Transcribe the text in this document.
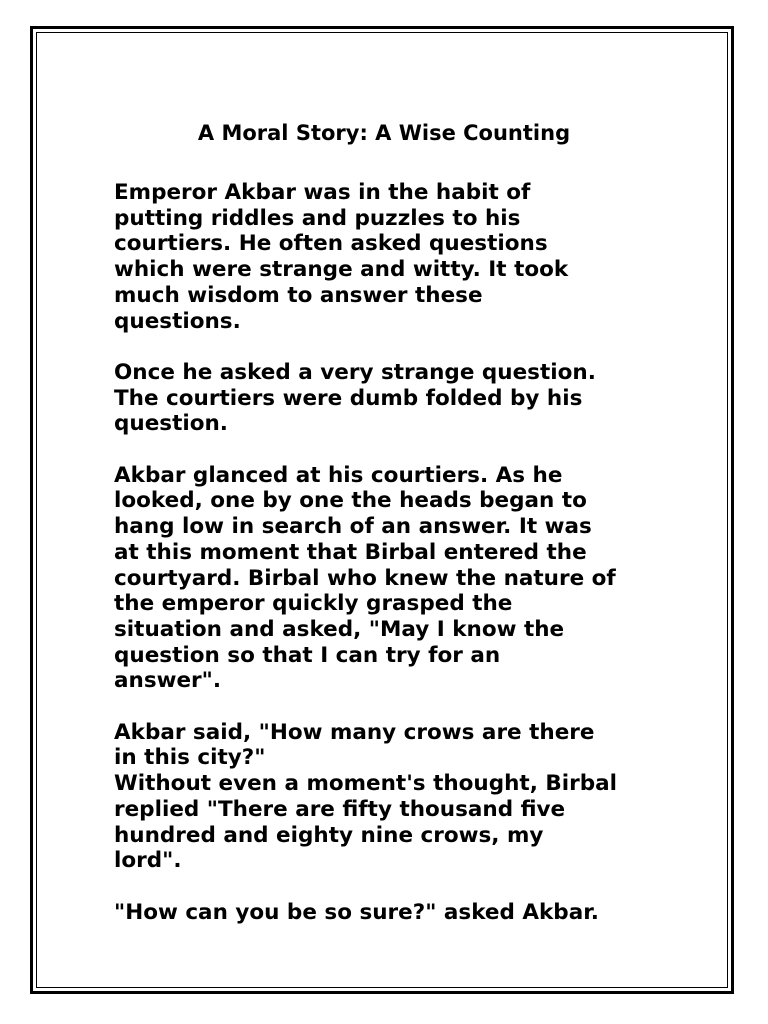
A Moral Story: A Wise Counting

Emperor Akbar was in the habit of
putting riddles and puzzles to his
courtiers. He often asked questions
which were strange and witty. It took
much wisdom to answer these
questions.

Once he asked a very strange question.
The courtiers were dumb folded by his
question.

Akbar glanced at his courtiers. As he
looked, one by one the heads began to
hang low in search of an answer. It was
at this moment that Birbal entered the
courtyard. Birbal who knew the nature of
the emperor quickly grasped the
situation and asked, "May I know the
question so that I can try for an
answer".

Akbar said, "How many crows are there
in this city?"
Without even a moment's thought, Birbal
replied "There are fifty thousand five
hundred and eighty nine crows, my
lord".

"How can you be so sure?" asked Akbar.
